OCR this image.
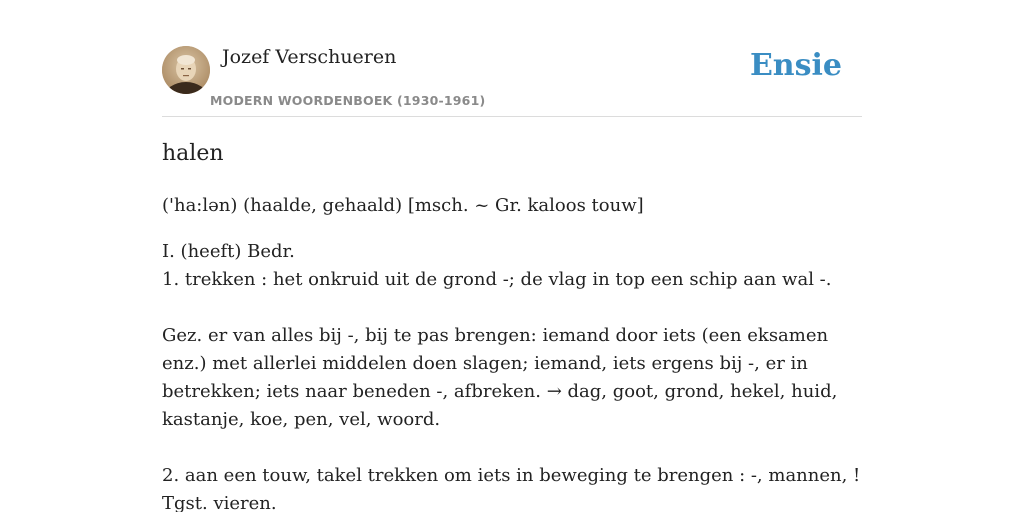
Jozef Verschueren
MODERN WOORDENBOEK (1930-1961)
Ensie
halen
('ha:lən) (haalde, gehaald) [msch. ~ Gr. kaloos touw]

I. (heeft) Bedr.

1. trekken : het onkruid uit de grond -; de vlag in top een schip aan wal -.

Gez. er van alles bij -, bij te pas brengen: iemand door iets (een eksamen enz.) met allerlei middelen doen slagen; iemand, iets ergens bij -, er in betrekken; iets naar beneden -, afbreken. → dag, goot, grond, hekel, huid, kastanje, koe, pen, vel, woord.

2. aan een touw, takel trekken om iets in beweging te brengen : -, mannen, ! Tgst. vieren.
